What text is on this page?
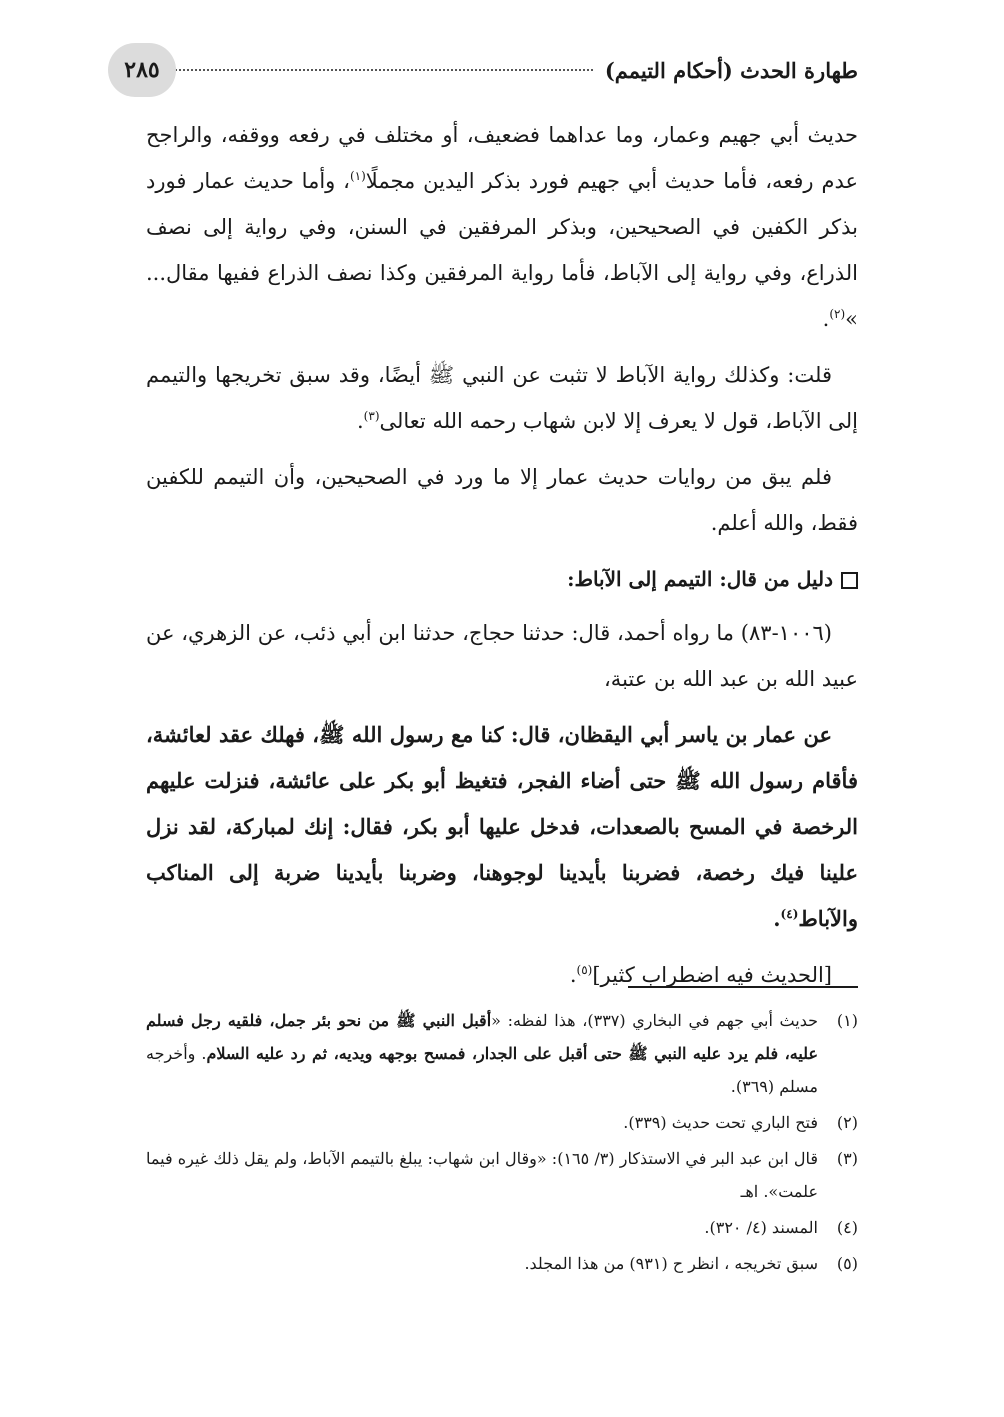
طهارة الحدث (أحكام التيمم)
٢٨٥

حديث أبي جهيم وعمار، وما عداهما فضعيف، أو مختلف في رفعه ووقفه، والراجح عدم رفعه، فأما حديث أبي جهيم فورد بذكر اليدين مجملًا$^{(١)}$، وأما حديث عمار فورد بذكر الكفين في الصحيحين، وبذكر المرفقين في السنن، وفي رواية إلى نصف الذراع، وفي رواية إلى الآباط، فأما رواية المرفقين وكذا نصف الذراع ففيها مقال... »$^{(٢)}$.

قلت: وكذلك رواية الآباط لا تثبت عن النبي ﷺ أيضًا، وقد سبق تخريجها والتيمم إلى الآباط، قول لا يعرف إلا لابن شهاب رحمه الله تعالى$^{(٣)}$.

فلم يبق من روايات حديث عمار إلا ما ورد في الصحيحين، وأن التيمم للكفين فقط، والله أعلم.

دليل من قال: التيمم إلى الآباط:

(١٠٠٦-٨٣) ما رواه أحمد، قال: حدثنا حجاج، حدثنا ابن أبي ذئب، عن الزهري، عن عبيد الله بن عبد الله بن عتبة،

عن عمار بن ياسر أبي اليقظان، قال: كنا مع رسول الله ﷺ، فهلك عقد لعائشة، فأقام رسول الله ﷺ حتى أضاء الفجر، فتغيظ أبو بكر على عائشة، فنزلت عليهم الرخصة في المسح بالصعدات، فدخل عليها أبو بكر، فقال: إنك لمباركة، لقد نزل علينا فيك رخصة، فضربنا بأيدينا لوجوهنا، وضربنا بأيدينا ضربة إلى المناكب والآباط$^{(٤)}$.

[الحديث فيه اضطراب كثير]$^{(٥)}$.

(١)
حديث أبي جهم في البخاري (٣٣٧)، هذا لفظه: «أقبل النبي ﷺ من نحو بئر جمل، فلقيه رجل فسلم عليه، فلم يرد عليه النبي ﷺ حتى أقبل على الجدار، فمسح بوجهه ويديه، ثم رد عليه السلام. وأخرجه مسلم (٣٦٩).
(٢)
فتح الباري تحت حديث (٣٣٩).
(٣)
قال ابن عبد البر في الاستذكار (٣/ ١٦٥): «وقال ابن شهاب: يبلغ بالتيمم الآباط، ولم يقل ذلك غيره فيما علمت». اهـ
(٤)
المسند (٤/ ٣٢٠).
(٥)
سبق تخريجه ، انظر ح (٩٣١) من هذا المجلد.
